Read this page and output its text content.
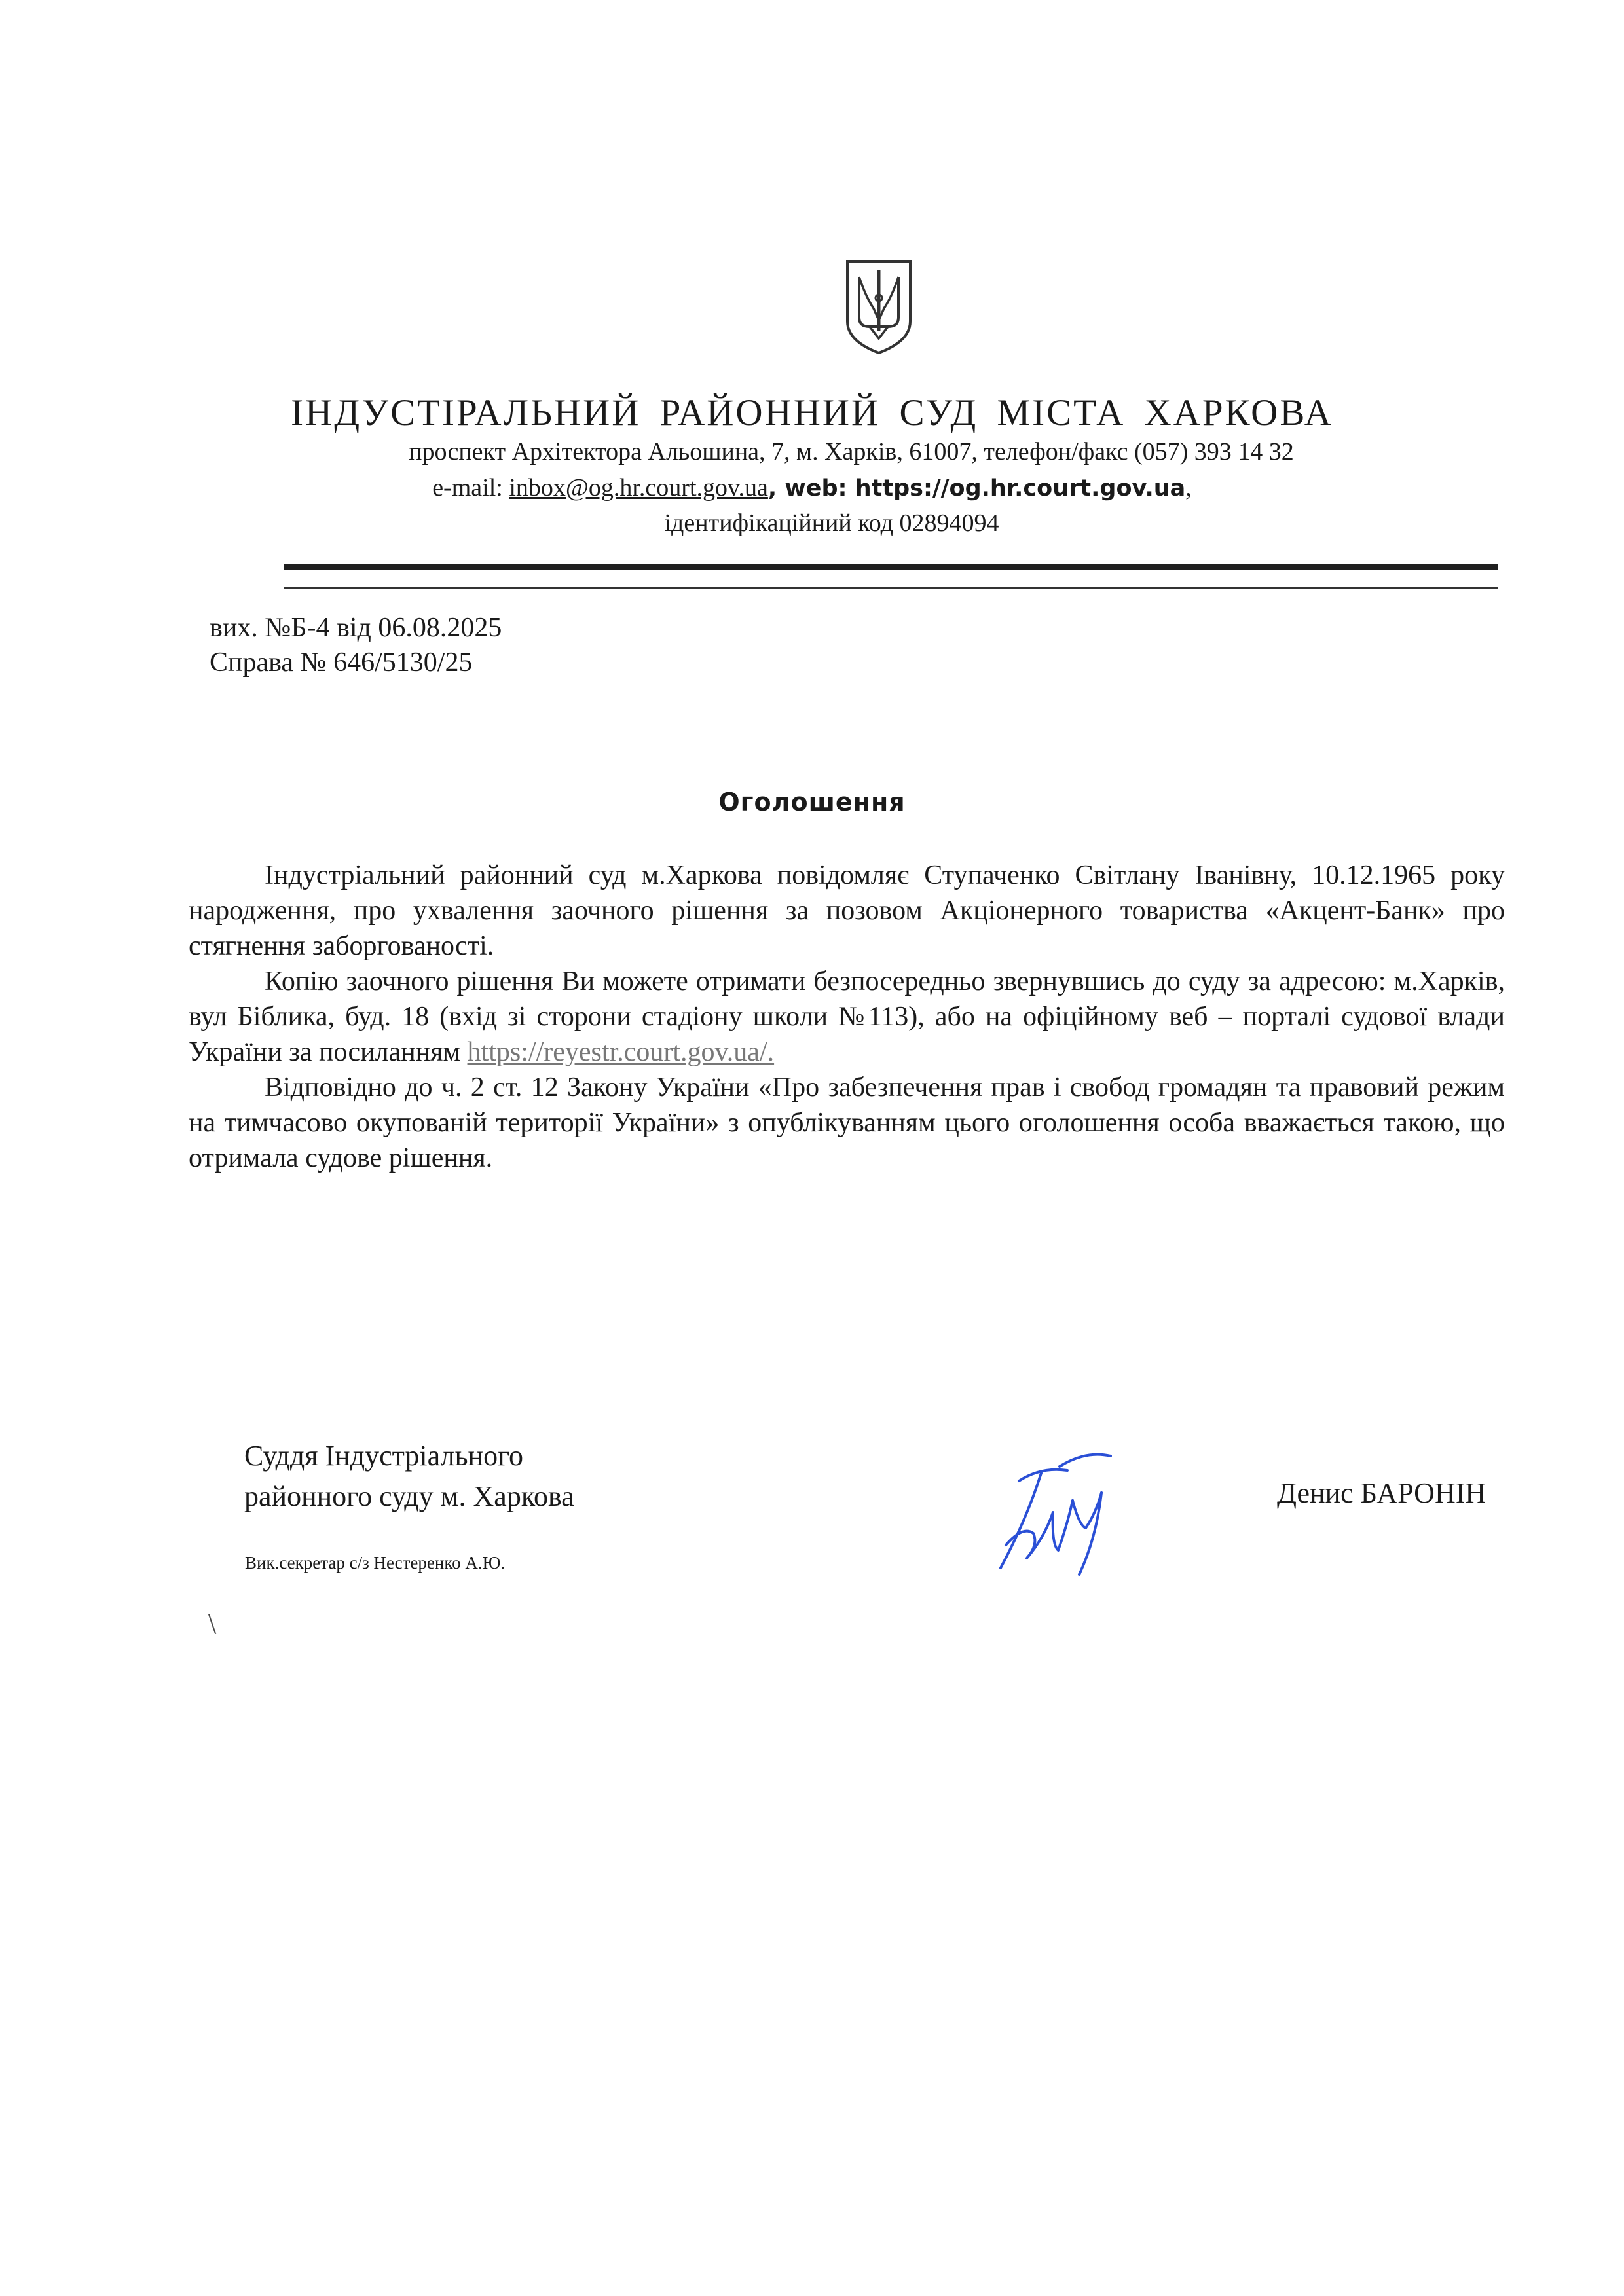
ІНДУСТІРАЛЬНИЙ РАЙОННИЙ СУД МІСТА ХАРКОВА
проспект Архітектора Альошина, 7, м. Харків, 61007, телефон/факс (057) 393 14 32
e-mail: inbox@og.hr.court.gov.ua, web: https://og.hr.court.gov.ua,
ідентифікаційний код 02894094
вих. №Б-4 від 06.08.2025
Справа № 646/5130/25
Оголошення

Індустріальний районний суд м.Харкова повідомляє Ступаченко Світлану Іванівну, 10.12.1965 року народження, про ухвалення заочного рішення за позовом Акціонерного товариства «Акцент-Банк» про стягнення заборгованості.

Копію заочного рішення Ви можете отримати безпосередньо звернувшись до суду за адресою: м.Харків, вул Біблика, буд. 18 (вхід зі сторони стадіону школи №113), або на офіційному веб – порталі судової влади України за посиланням https://reyestr.court.gov.ua/.

Відповідно до ч. 2 ст. 12 Закону України «Про забезпечення прав і свобод громадян та правовий режим на тимчасово окупованій території України» з опублікуванням цього оголошення особа вважається такою, що отримала судове рішення.

Суддя Індустріального
районного суду м. Харкова
Вик.секретар с/з Нестеренко А.Ю.
Денис БАРОНІН
\
